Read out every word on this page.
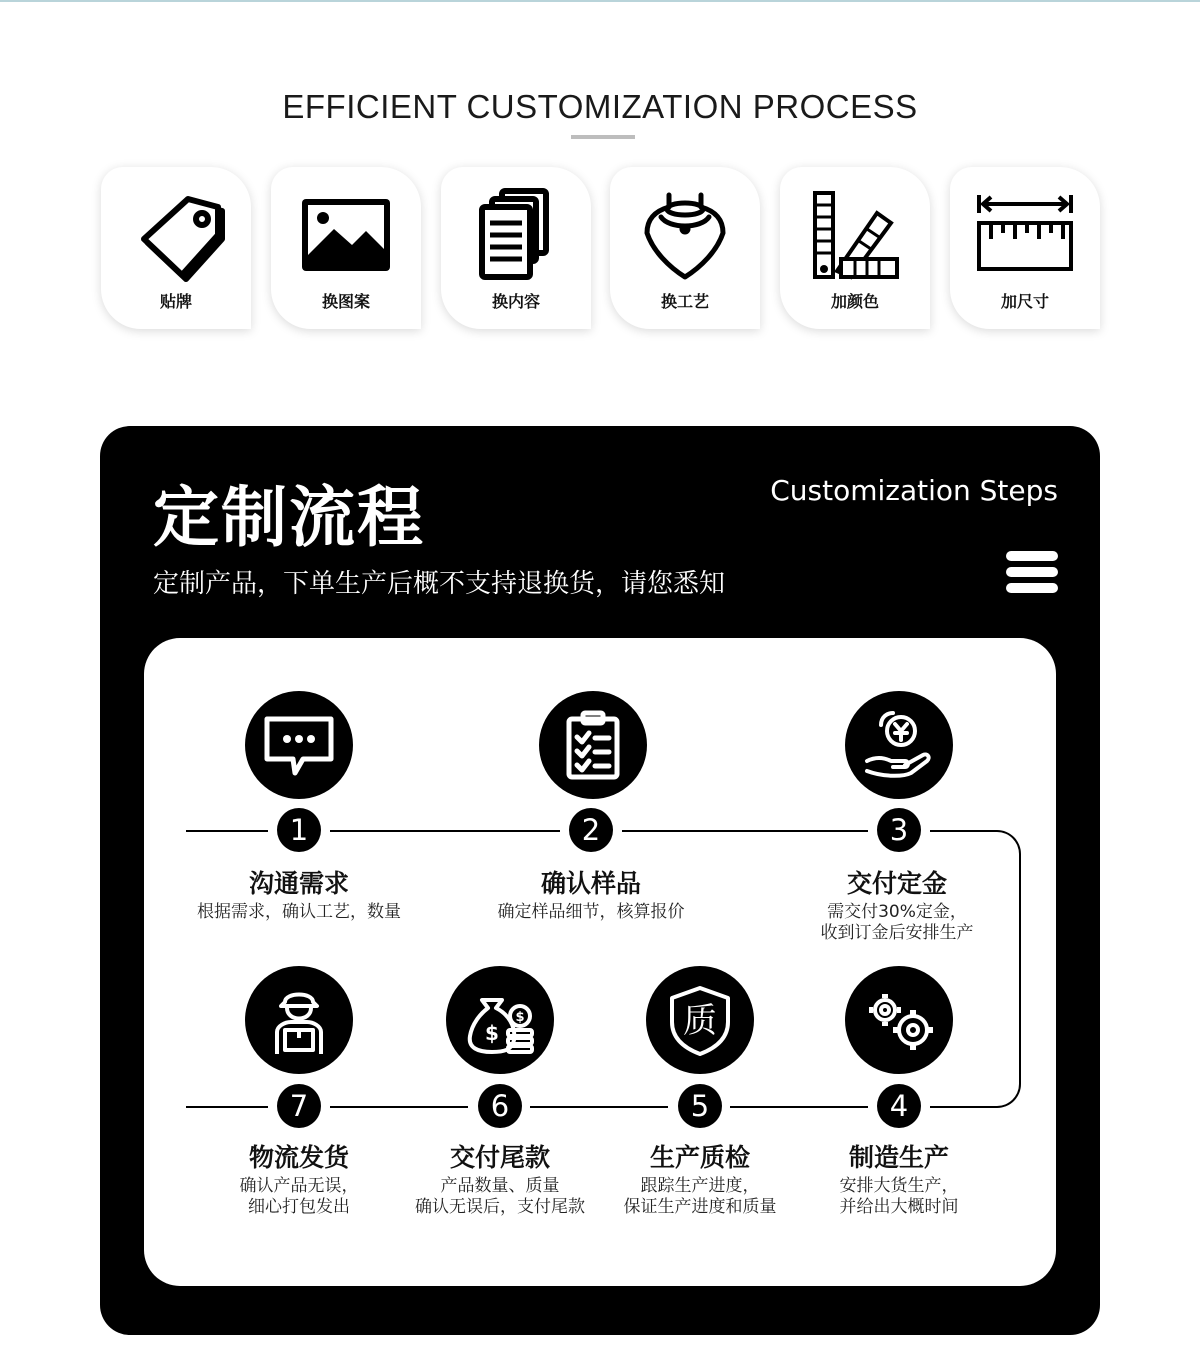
EFFICIENT CUSTOMIZATION PROCESS
贴牌	换图案	换内容	换工艺	加颜色	加尺寸
定制流程	Customization Steps
定制产品，下单生产后概不支持退换货，请您悉知
1
沟通需求
根据需求，确认工艺，数量
2
确认样品
确定样品细节，核算报价
3
交付定金
需交付30%定金，
收到订金后安排生产
4
制造生产
安排大货生产，
并给出大概时间
质
5
生产质检
跟踪生产进度，
保证生产进度和质量
$
$
6
交付尾款
产品数量、质量
确认无误后，支付尾款
7
物流发货
确认产品无误，
细心打包发出
